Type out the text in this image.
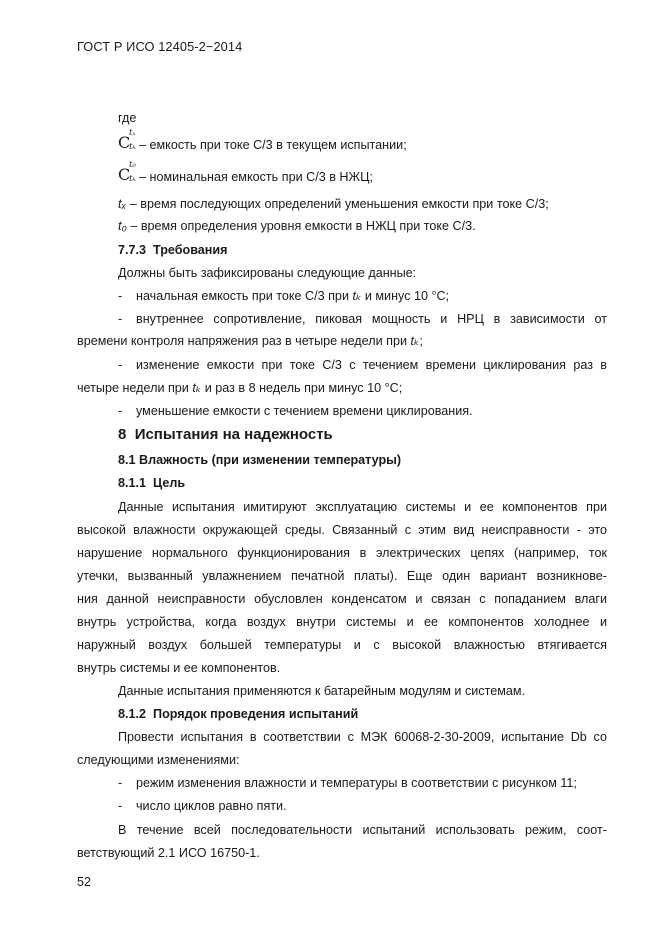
ГОСТ Р ИСО 12405-2−2014
где
C
tₓ
tₖ – емкость при токе С/3 в текущем испытании;
C
t₀
tₖ – номинальная емкость при С/3 в НЖЦ;
tₓ – время последующих определений уменьшения емкости при токе С/3;
t₀ – время определения уровня емкости в НЖЦ при токе С/3.
7.7.3 Требования
Должны быть зафиксированы следующие данные:
- начальная емкость при токе С/3 при tₖ и минус 10 °С;
- внутреннее сопротивление, пиковая мощность и НРЦ в зависимости от
времени контроля напряжения раз в четыре недели при tₖ;
- изменение емкости при токе С/3 с течением времени циклирования раз в
четыре недели при tₖ и раз в 8 недель при минус 10 °С;
- уменьшение емкости с течением времени циклирования.
8 Испытания на надежность
8.1 Влажность (при изменении температуры)
8.1.1 Цель
Данные испытания имитируют эксплуатацию системы и ее компонентов при
высокой влажности окружающей среды. Связанный с этим вид неисправности - это
нарушение нормального функционирования в электрических цепях (например, ток
утечки, вызванный увлажнением печатной платы). Еще один вариант возникнове-
ния данной неисправности обусловлен конденсатом и связан с попаданием влаги
внутрь устройства, когда воздух внутри системы и ее компонентов холоднее и
наружный воздух большей температуры и с высокой влажностью втягивается
внутрь системы и ее компонентов.
Данные испытания применяются к батарейным модулям и системам.
8.1.2 Порядок проведения испытаний
Провести испытания в соответствии с МЭК 60068-2-30-2009, испытание Db со
следующими изменениями:
- режим изменения влажности и температуры в соответствии с рисунком 11;
- число циклов равно пяти.
В течение всей последовательности испытаний использовать режим, соот-
ветствующий 2.1 ИСО 16750-1.
52
